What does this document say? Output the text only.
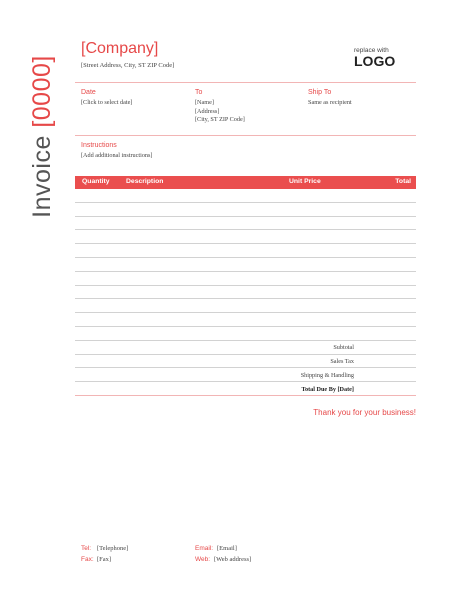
Invoice [0000]
[Company]
[Street Address, City, ST ZIP Code]
replace with
LOGO
Date
[Click to select date]
To
[Name]
[Address]
[City, ST ZIP Code]
Ship To
Same as recipient
Instructions
[Add additional instructions]
Quantity Description	Unit Price	Total
Subtotal
Sales Tax
Shipping & Handling
Total Due By [Date]
Thank you for your business!
Tel: [Telephone]
Fax: [Fax]
Email: [Email]
Web: [Web address]
